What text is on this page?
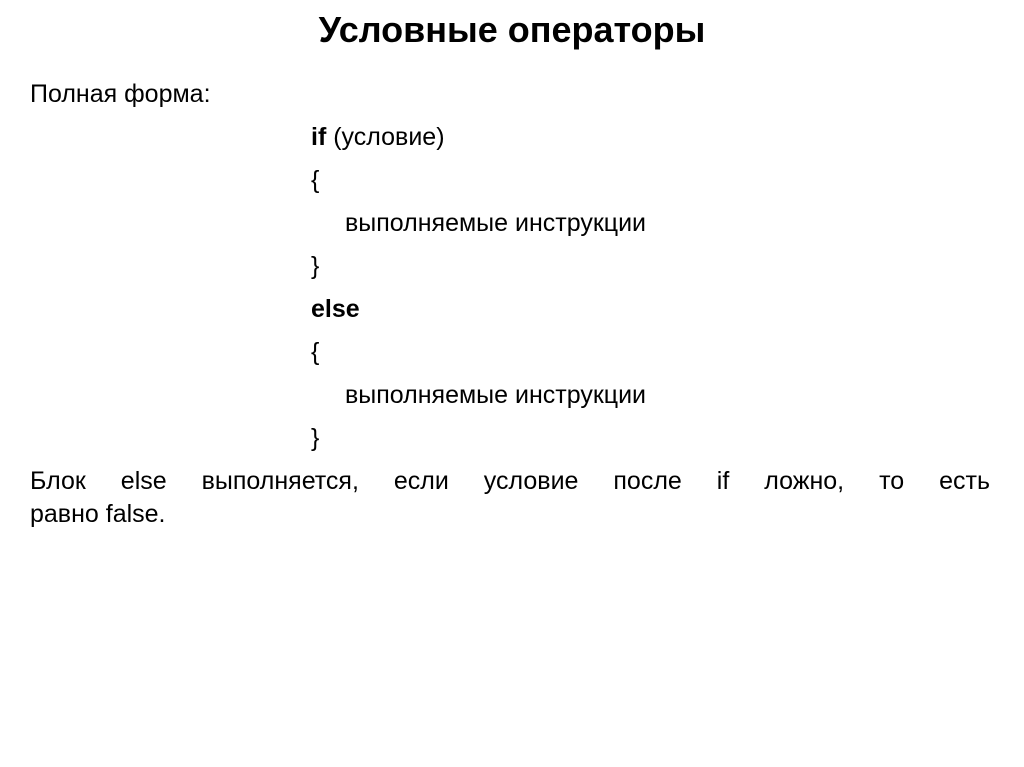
Условные операторы
Полная форма:
if (условие)
{
выполняемые инструкции
}
else
{
выполняемые инструкции
}
Блок else выполняется, если условие после if ложно, то есть
равно false.
